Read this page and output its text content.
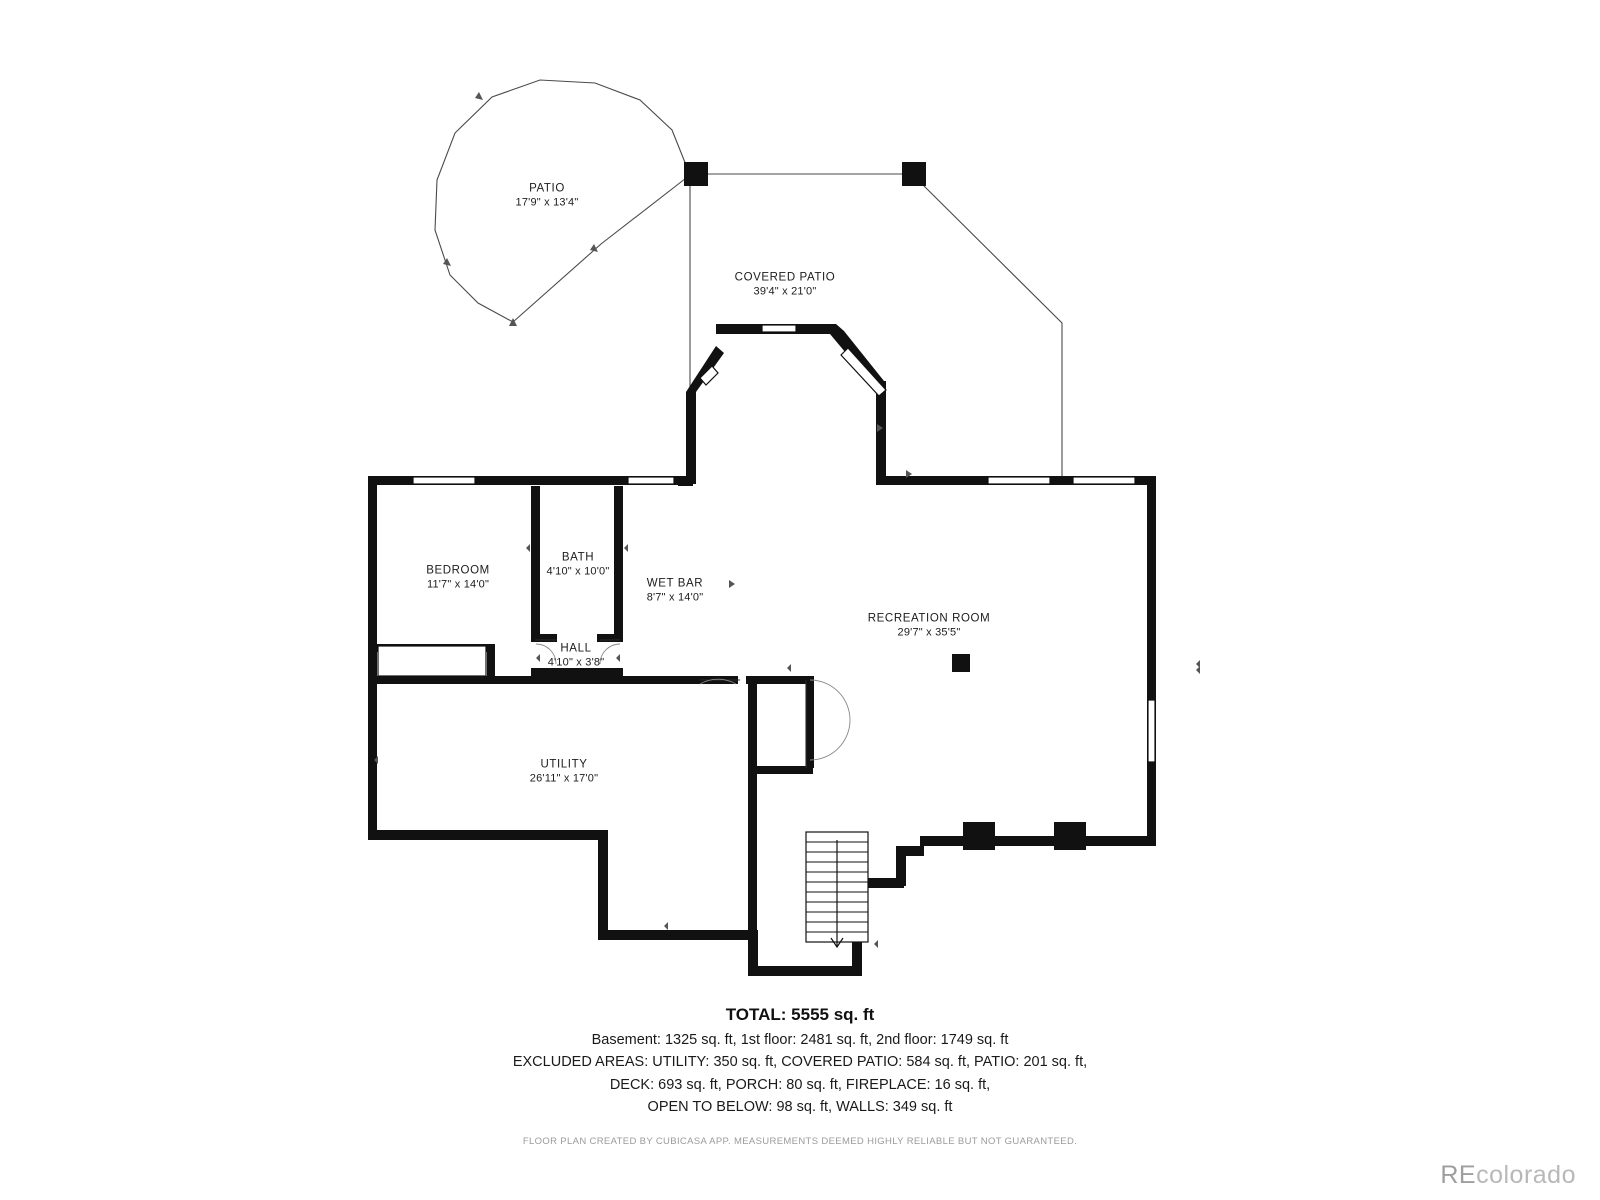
PATIO
17'9" x 13'4"
COVERED PATIO
39'4" x 21'0"
BEDROOM
11'7" x 14'0"
BATH
4'10" x 10'0"
WET BAR
8'7" x 14'0"
HALL
4'10" x 3'8"
RECREATION ROOM
29'7" x 35'5"
UTILITY
26'11" x 17'0"
TOTAL: 5555 sq. ft
Basement: 1325 sq. ft, 1st floor: 2481 sq. ft, 2nd floor: 1749 sq. ft
EXCLUDED AREAS: UTILITY: 350 sq. ft, COVERED PATIO: 584 sq. ft, PATIO: 201 sq. ft,
DECK: 693 sq. ft, PORCH: 80 sq. ft, FIREPLACE: 16 sq. ft,
OPEN TO BELOW: 98 sq. ft, WALLS: 349 sq. ft
FLOOR PLAN CREATED BY CUBICASA APP. MEASUREMENTS DEEMED HIGHLY RELIABLE BUT NOT GUARANTEED.
REcolorado
